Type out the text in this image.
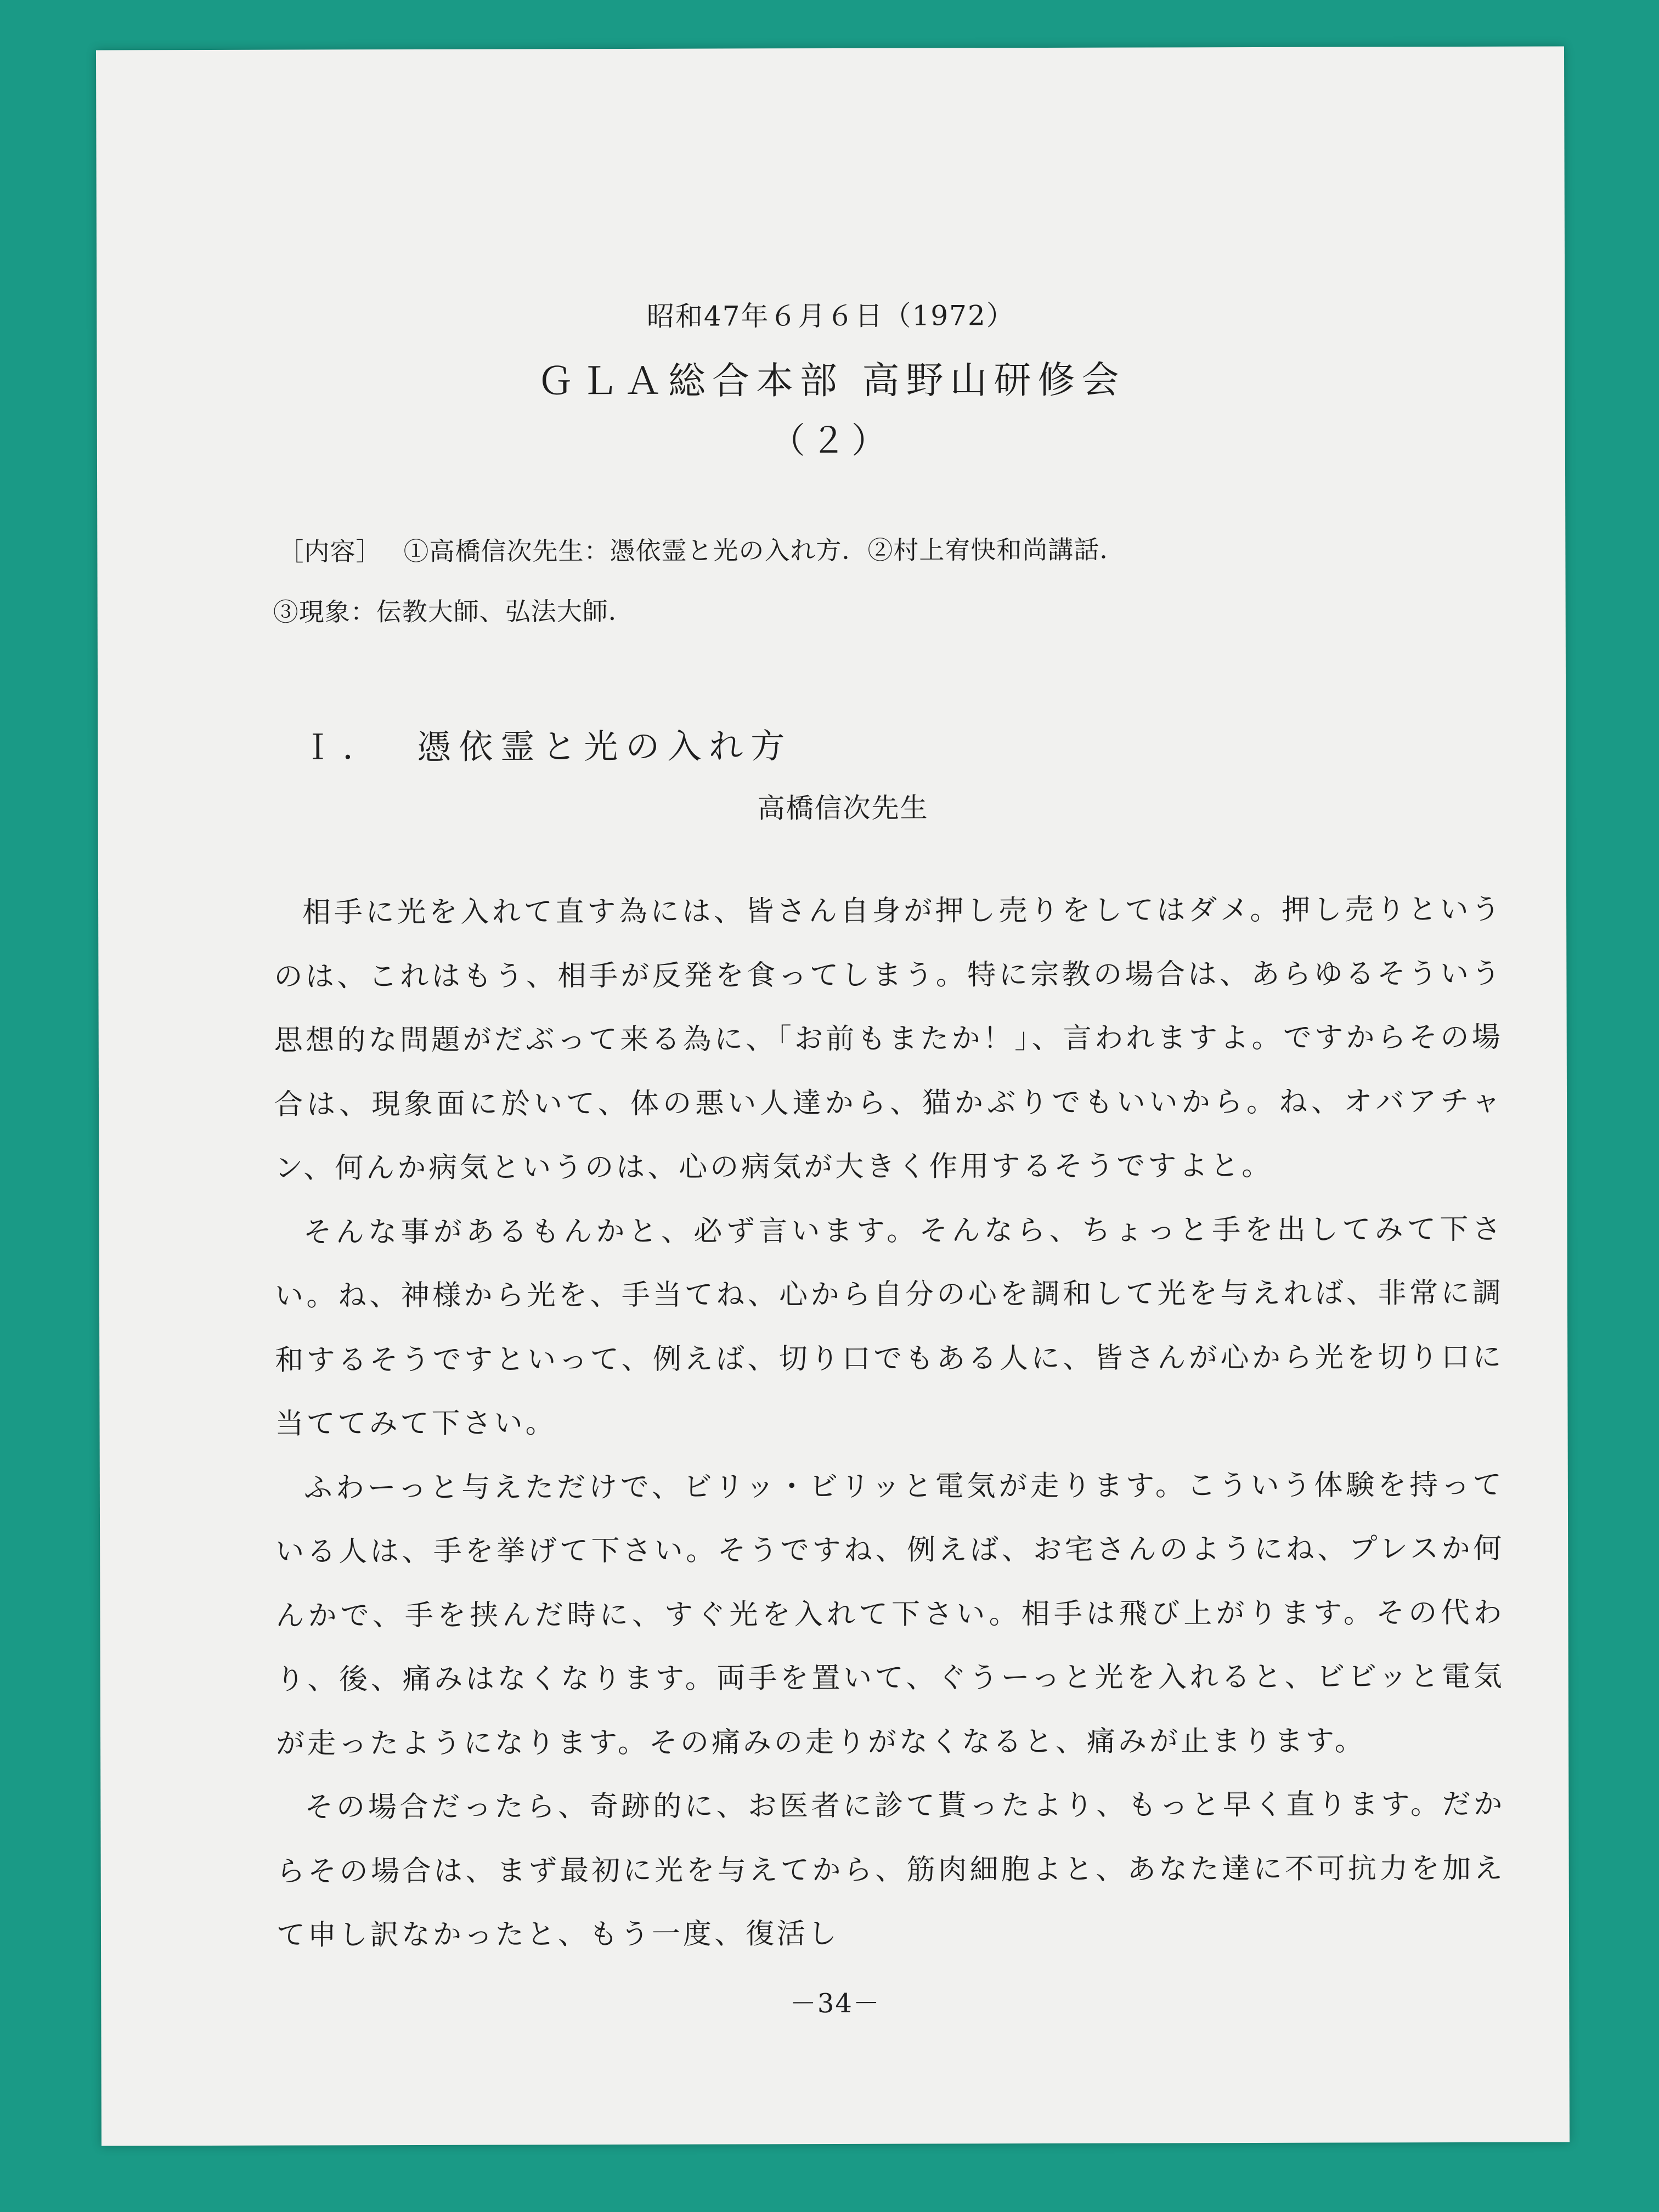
昭和47年６月６日（1972）
ＧＬＡ総合本部 高野山研修会
（２）
［内容］ ①高橋信次先生：憑依霊と光の入れ方．②村上宥快和尚講話．
③現象：伝教大師、弘法大師．
Ｉ． 憑依霊と光の入れ方
高橋信次先生

相手に光を入れて直す為には、皆さん自身が押し売りをしてはダメ。押し売りというのは、これはもう、相手が反発を食ってしまう。特に宗教の場合は、あらゆるそういう思想的な問題がだぶって来る為に、「お前もまたか！」、言われますよ。ですからその場合は、現象面に於いて、体の悪い人達から、猫かぶりでもいいから。ね、オバアチャン、何んか病気というのは、心の病気が大きく作用するそうですよと。

そんな事があるもんかと、必ず言います。そんなら、ちょっと手を出してみて下さい。ね、神様から光を、手当てね、心から自分の心を調和して光を与えれば、非常に調和するそうですといって、例えば、切り口でもある人に、皆さんが心から光を切り口に当ててみて下さい。

ふわーっと与えただけで、ビリッ・ビリッと電気が走ります。こういう体験を持っている人は、手を挙げて下さい。そうですね、例えば、お宅さんのようにね、プレスか何んかで、手を挟んだ時に、すぐ光を入れて下さい。相手は飛び上がります。その代わり、後、痛みはなくなります。両手を置いて、ぐうーっと光を入れると、ビビッと電気が走ったようになります。その痛みの走りがなくなると、痛みが止まります。

その場合だったら、奇跡的に、お医者に診て貰ったより、もっと早く直ります。だからその場合は、まず最初に光を与えてから、筋肉細胞よと、あなた達に不可抗力を加えて申し訳なかったと、もう一度、復活し

－34－
